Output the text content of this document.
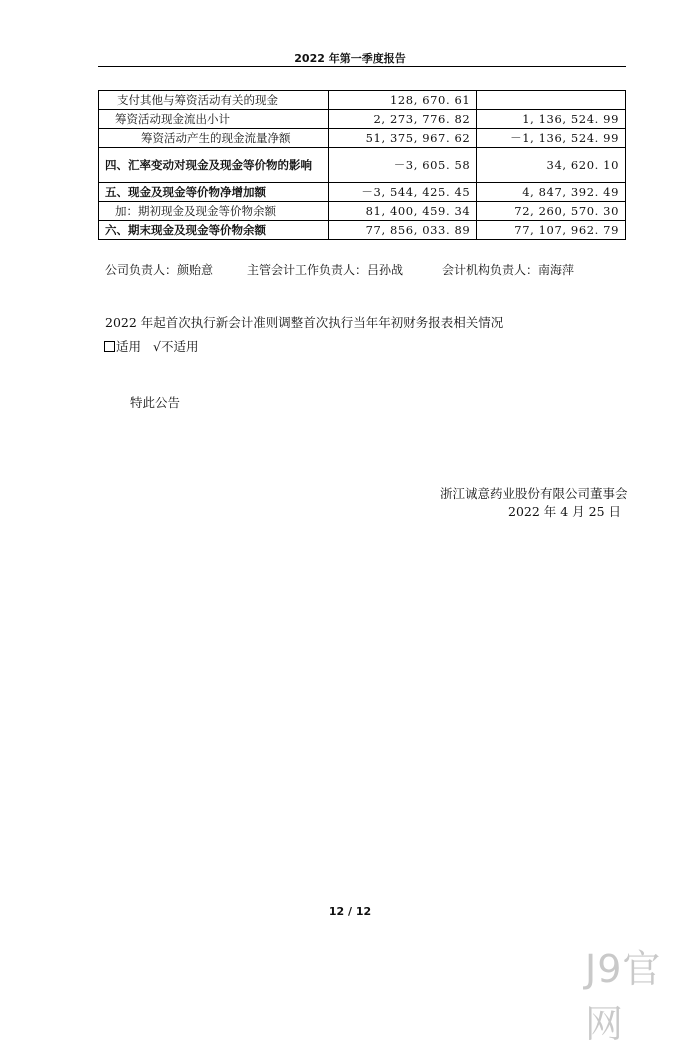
2022 年第一季度报告
支付其他与筹资活动有关的现金	128, 670. 61	
筹资活动现金流出小计	2, 273, 776. 82	1, 136, 524. 99
筹资活动产生的现金流量净额	51, 375, 967. 62	－1, 136, 524. 99
四、汇率变动对现金及现金等价物的影响	－3, 605. 58	34, 620. 10
五、现金及现金等价物净增加额	－3, 544, 425. 45	4, 847, 392. 49
加：期初现金及现金等价物余额	81, 400, 459. 34	72, 260, 570. 30
六、期末现金及现金等价物余额	77, 856, 033. 89	77, 107, 962. 79
公司负责人：颜贻意	主管会计工作负责人：吕孙战	会计机构负责人：南海萍
2022 年起首次执行新会计准则调整首次执行当年年初财务报表相关情况
适用 √不适用
特此公告
浙江诚意药业股份有限公司董事会
2022 年 4 月 25 日
12 / 12
J9官网
